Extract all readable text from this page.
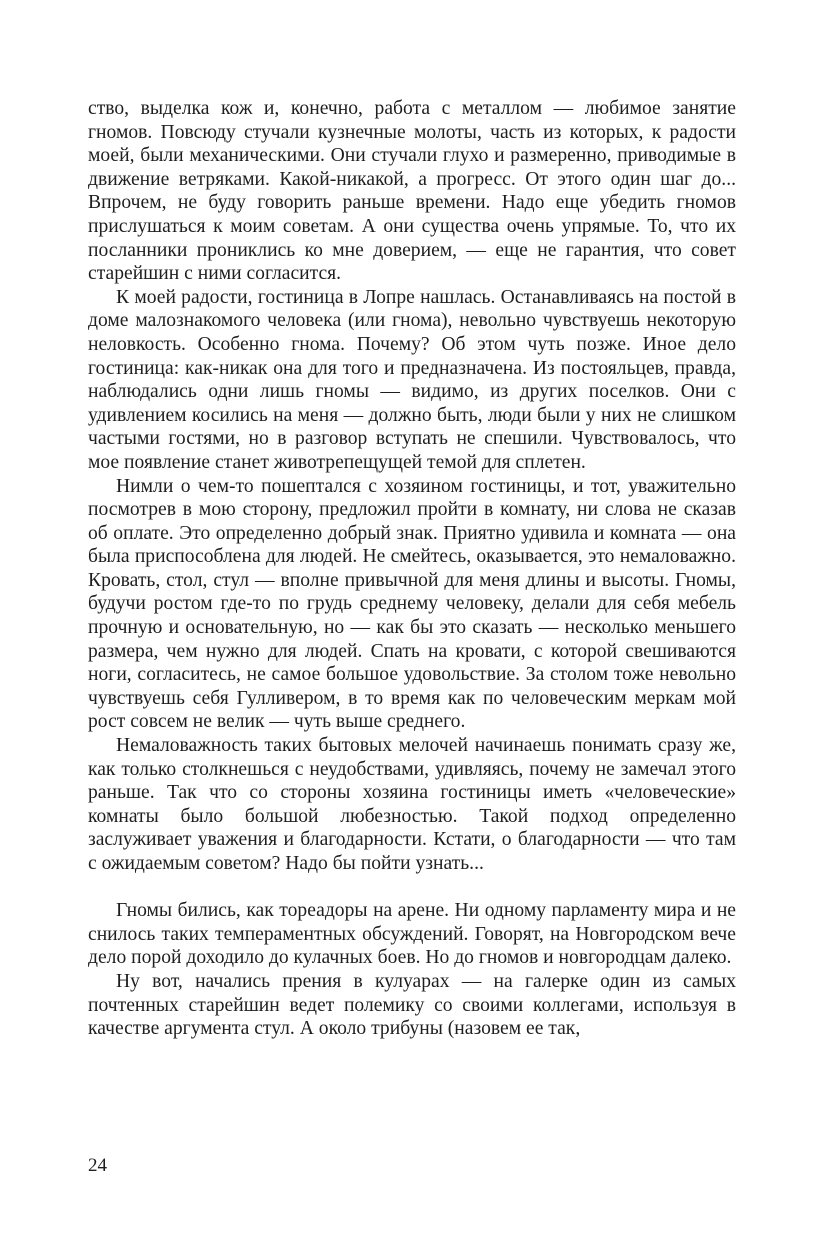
ство, выделка кож и, конечно, работа с металлом — любимое занятие гномов. Повсюду стучали кузнечные молоты, часть из которых, к радости моей, были механическими. Они стучали глухо и размеренно, приводимые в движение ветряками. Какой-никакой, а прогресс. От этого один шаг до... Впрочем, не буду говорить раньше времени. Надо еще убедить гномов прислушаться к моим советам. А они существа очень упрямые. То, что их посланники прониклись ко мне доверием, — еще не гарантия, что совет старейшин с ними согласится.

К моей радости, гостиница в Лопре нашлась. Останавливаясь на постой в доме малознакомого человека (или гнома), невольно чувствуешь некоторую неловкость. Особенно гнома. Почему? Об этом чуть позже. Иное дело гостиница: как-никак она для того и предназначена. Из постояльцев, правда, наблюдались одни лишь гномы — видимо, из других поселков. Они с удивлением косились на меня — должно быть, люди были у них не слишком частыми гостями, но в разговор вступать не спешили. Чувствовалось, что мое появление станет животрепещущей темой для сплетен.

Нимли о чем-то пошептался с хозяином гостиницы, и тот, уважительно посмотрев в мою сторону, предложил пройти в комнату, ни слова не сказав об оплате. Это определенно добрый знак. Приятно удивила и комната — она была приспособлена для людей. Не смейтесь, оказывается, это немаловажно. Кровать, стол, стул — вполне привычной для меня длины и высоты. Гномы, будучи ростом где-то по грудь среднему человеку, делали для себя мебель прочную и основательную, но — как бы это сказать — несколько меньшего размера, чем нужно для людей. Спать на кровати, с которой свешиваются ноги, согласитесь, не самое большое удовольствие. За столом тоже невольно чувствуешь себя Гулливером, в то время как по человеческим меркам мой рост совсем не велик — чуть выше среднего.

Немаловажность таких бытовых мелочей начинаешь понимать сразу же, как только столкнешься с неудобствами, удивляясь, почему не замечал этого раньше. Так что со стороны хозяина гостиницы иметь «человеческие» комнаты было большой любезностью. Такой подход определенно заслуживает уважения и благодарности. Кстати, о благодарности — что там с ожидаемым советом? Надо бы пойти узнать...

Гномы бились, как тореадоры на арене. Ни одному парламенту мира и не снилось таких темпераментных обсуждений. Говорят, на Новгородском вече дело порой доходило до кулачных боев. Но до гномов и новгородцам далеко.

Ну вот, начались прения в кулуарах — на галерке один из самых почтенных старейшин ведет полемику со своими коллегами, используя в качестве аргумента стул. А около трибуны (назовем ее так,

24
